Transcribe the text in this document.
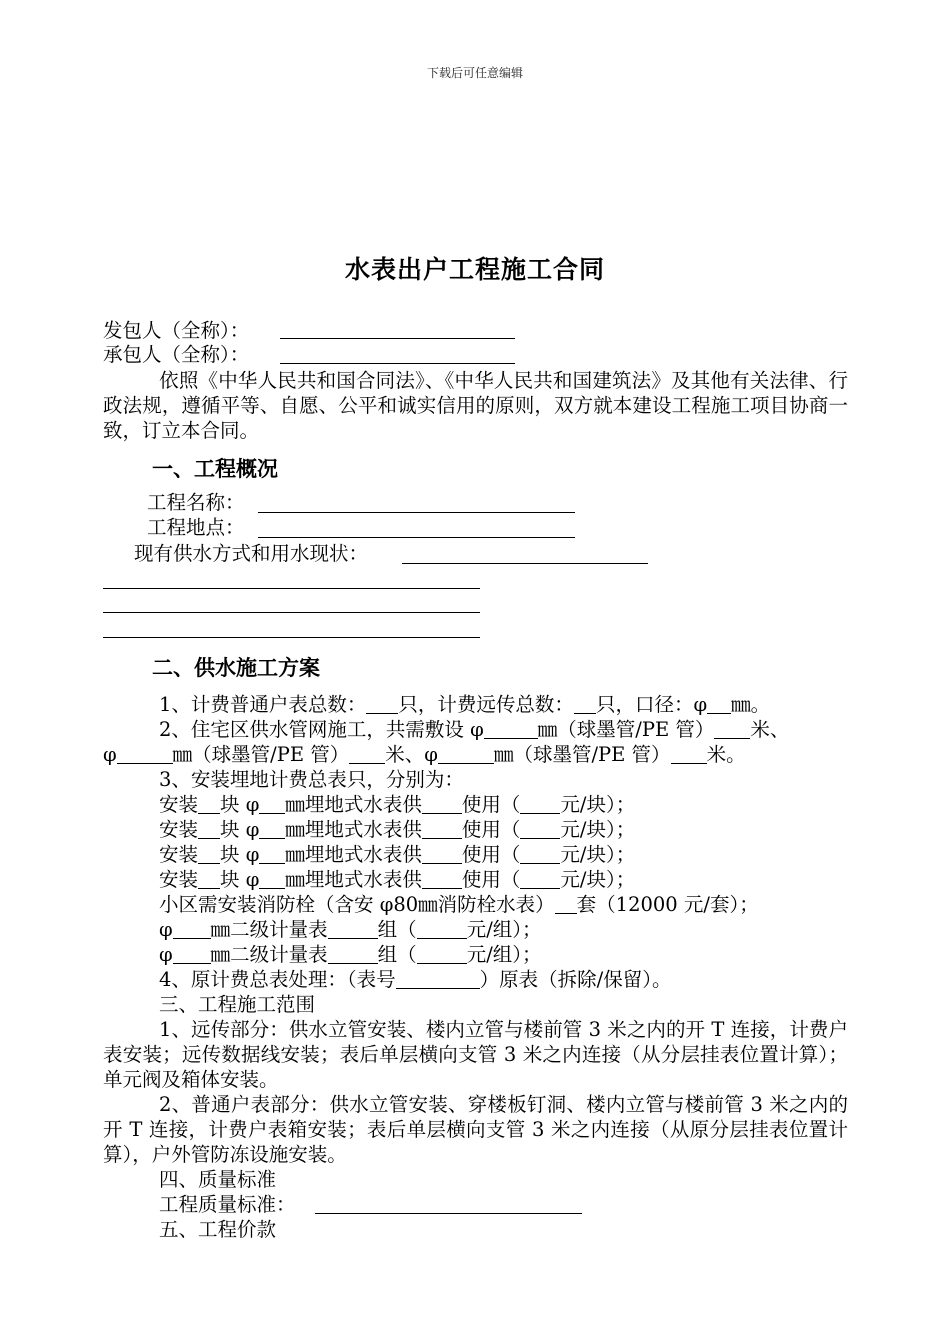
下载后可任意编辑
水表出户工程施工合同
发包人（全称）：
承包人（全称）：
依照《中华人民共和国合同法》、《中华人民共和国建筑法》及其他有关法律、行政法规，遵循平等、自愿、公平和诚实信用的原则，双方就本建设工程施工项目协商一致，订立本合同。
一、工程概况
工程名称：
工程地点：
现有供水方式和用水现状：
二、供水施工方案
1、计费普通户表总数： 只，计费远传总数： 只，口径：φ ㎜。
2、住宅区供水管网施工，共需敷设 φ	㎜（球墨管/PE 管） 米、
φ	㎜（球墨管/PE 管） 米、φ	㎜（球墨管/PE 管） 米。
3、安装埋地计费总表只，分别为：
安装 块 φ ㎜埋地式水表供 使用（ 元/块）；
安装 块 φ ㎜埋地式水表供 使用（ 元/块）；
安装 块 φ ㎜埋地式水表供 使用（ 元/块）；
安装 块 φ ㎜埋地式水表供 使用（ 元/块）；
小区需安装消防栓（含安 φ80㎜消防栓水表） 套（12000 元/套）；
φ ㎜二级计量表	组（	元/组）；
φ ㎜二级计量表	组（	元/组）；
4、原计费总表处理：（表号	）原表（拆除/保留）。
三、工程施工范围
1、远传部分：供水立管安装、楼内立管与楼前管 3 米之内的开 T 连接，计费户表安装；远传数据线安装；表后单层横向支管 3 米之内连接（从分层挂表位置计算）；单元阀及箱体安装。
2、普通户表部分：供水立管安装、穿楼板钉洞、楼内立管与楼前管 3 米之内的开 T 连接，计费户表箱安装；表后单层横向支管 3 米之内连接（从原分层挂表位置计算），户外管防冻设施安装。
四、质量标准
工程质量标准：
五、工程价款
